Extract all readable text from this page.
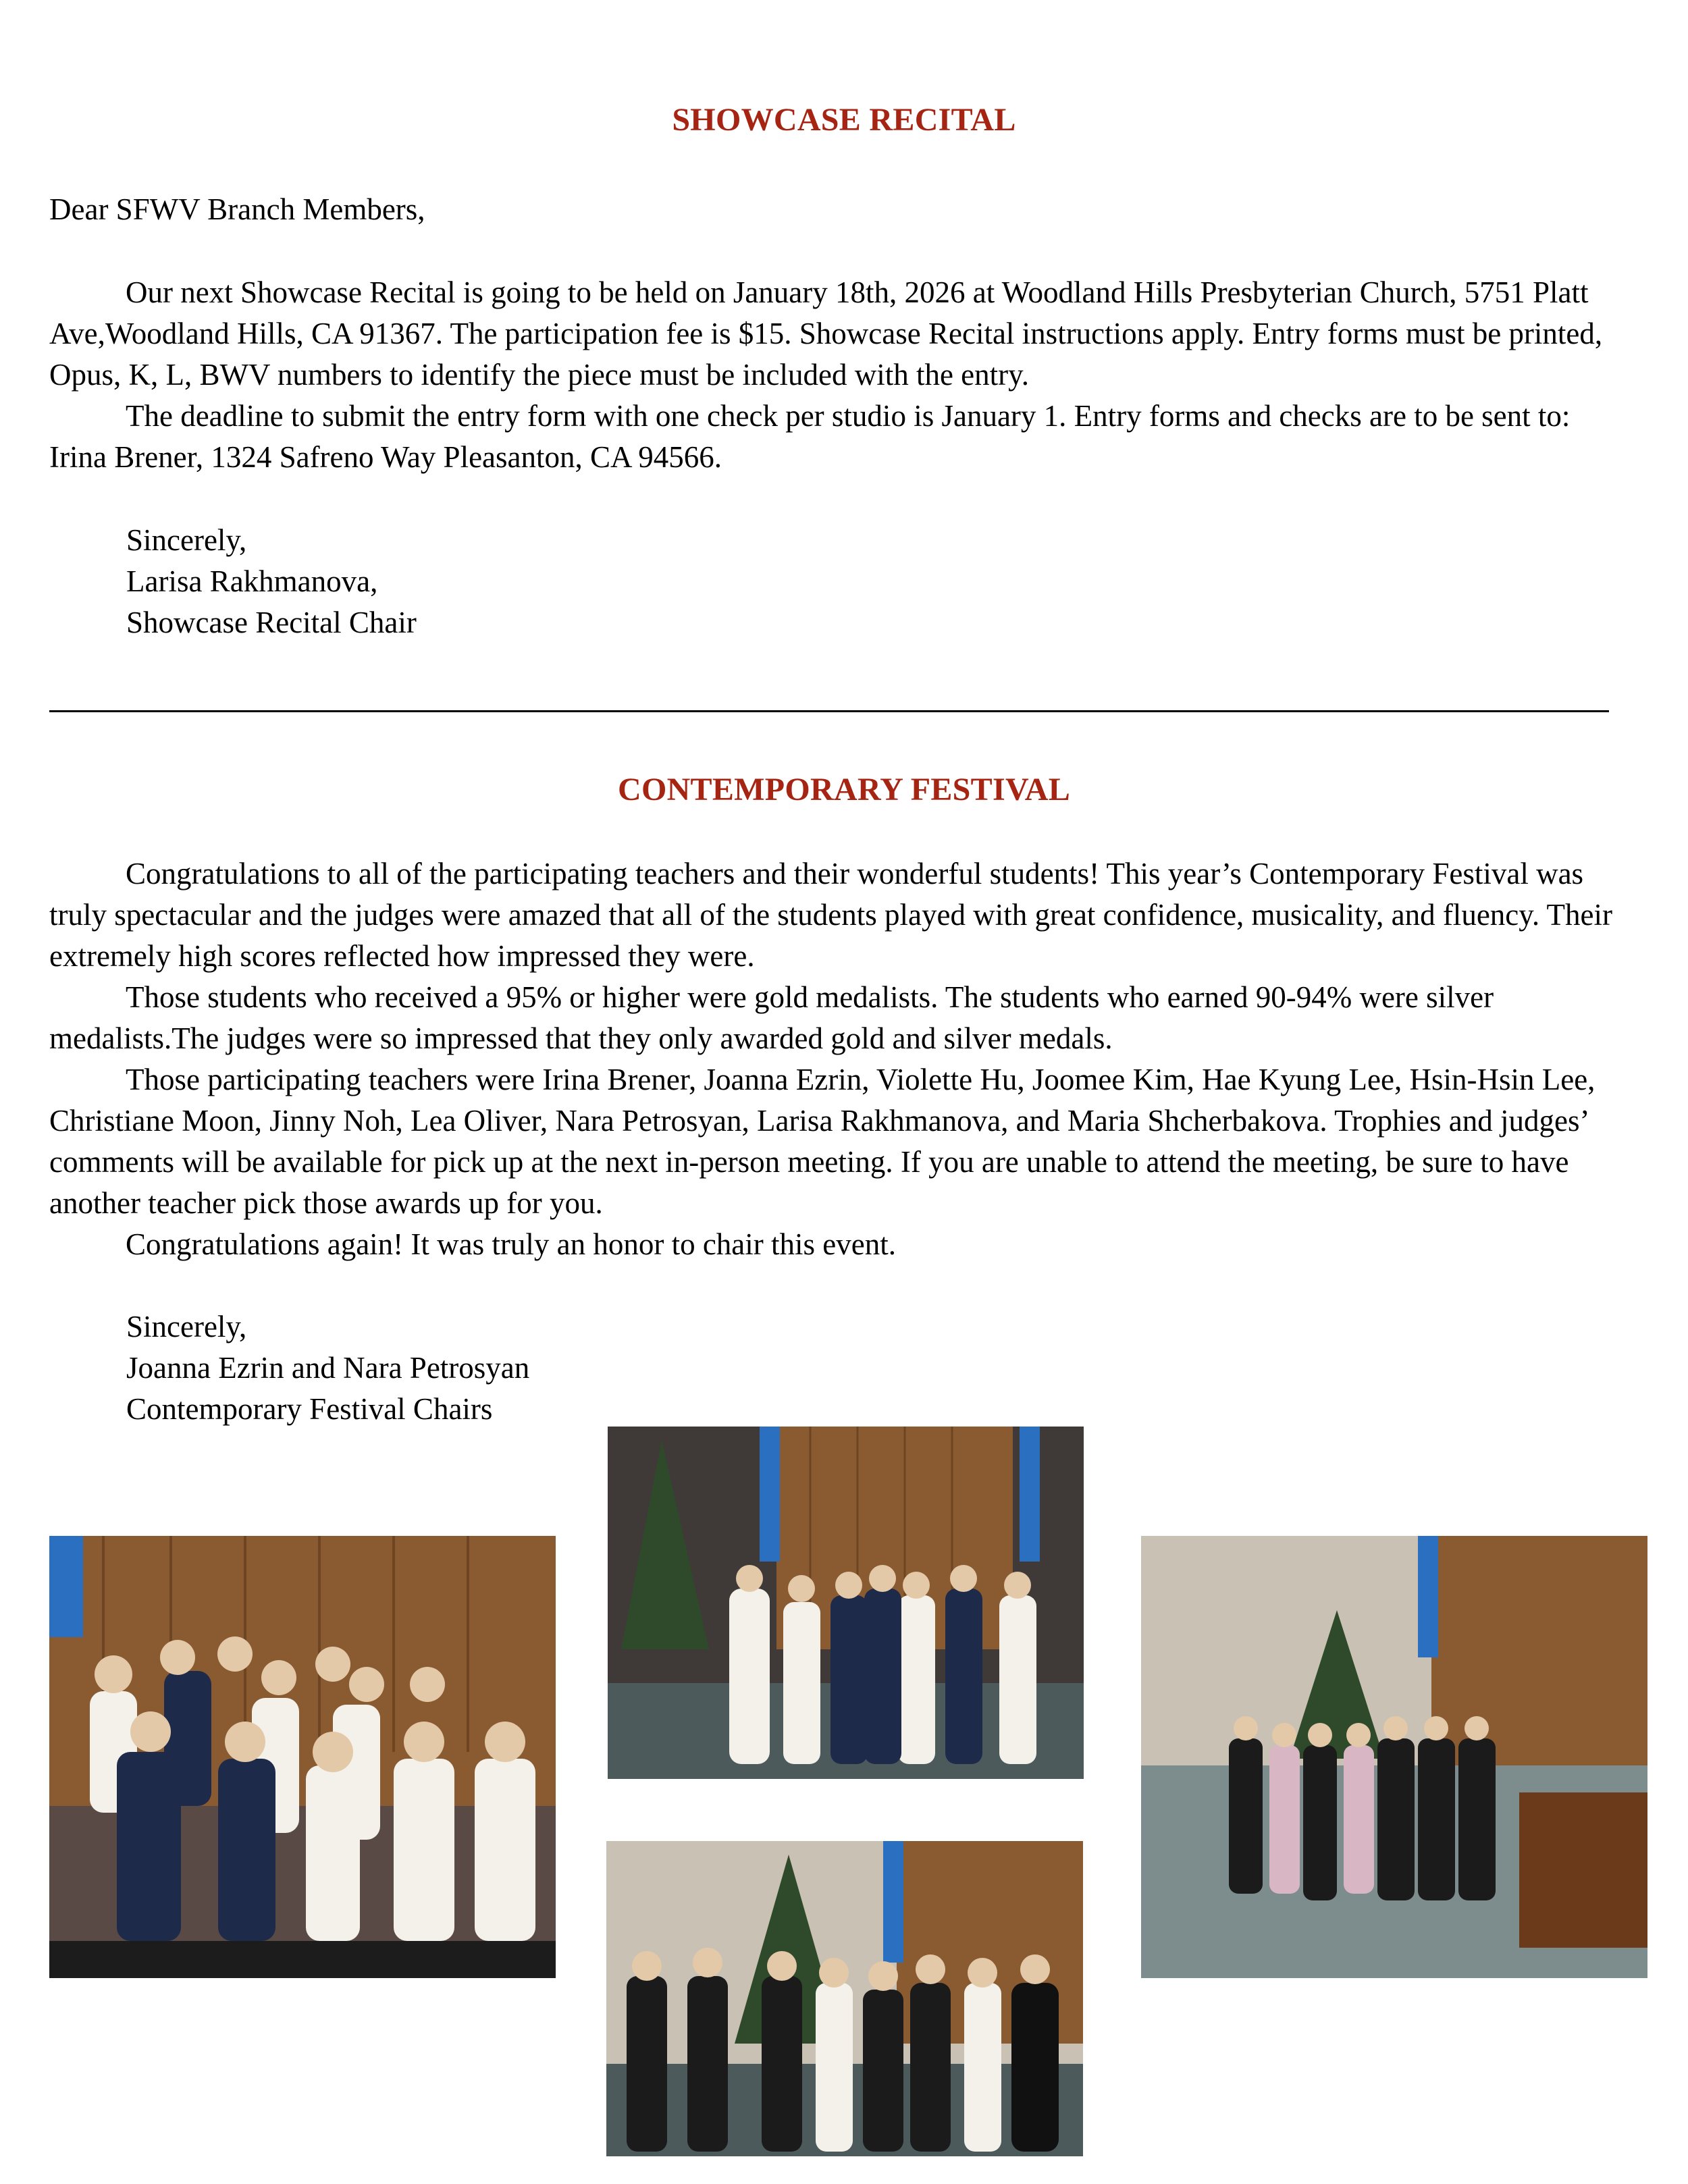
SHOWCASE RECITAL
Dear SFWV Branch Members,

Our next Showcase Recital is going to be held on January 18th, 2026 at Woodland Hills Presbyterian Church, 5751 Platt Ave,Woodland Hills, CA 91367. The participation fee is $15. Showcase Recital instructions apply. Entry forms must be printed, Opus, K, L, BWV numbers to identify the piece must be included with the entry.

The deadline to submit the entry form with one check per studio is January 1. Entry forms and checks are to be sent to: Irina Brener, 1324 Safreno Way Pleasanton, CA 94566.

Sincerely,
Larisa Rakhmanova,
Showcase Recital Chair
CONTEMPORARY FESTIVAL

Congratulations to all of the participating teachers and their wonderful students! This year’s Contemporary Festival was truly spectacular and the judges were amazed that all of the students played with great confidence, musicality, and fluency. Their extremely high scores reflected how impressed they were.

Those students who received a 95% or higher were gold medalists. The students who earned 90-94% were silver medalists.The judges were so impressed that they only awarded gold and silver medals.

Those participating teachers were Irina Brener, Joanna Ezrin, Violette Hu, Joomee Kim, Hae Kyung Lee, Hsin-Hsin Lee, Christiane Moon, Jinny Noh, Lea Oliver, Nara Petrosyan, Larisa Rakhmanova, and Maria Shcherbakova. Trophies and judges’ comments will be available for pick up at the next in-person meeting. If you are unable to attend the meeting, be sure to have another teacher pick those awards up for you.

Congratulations again! It was truly an honor to chair this event.

Sincerely,
Joanna Ezrin and Nara Petrosyan
Contemporary Festival Chairs
